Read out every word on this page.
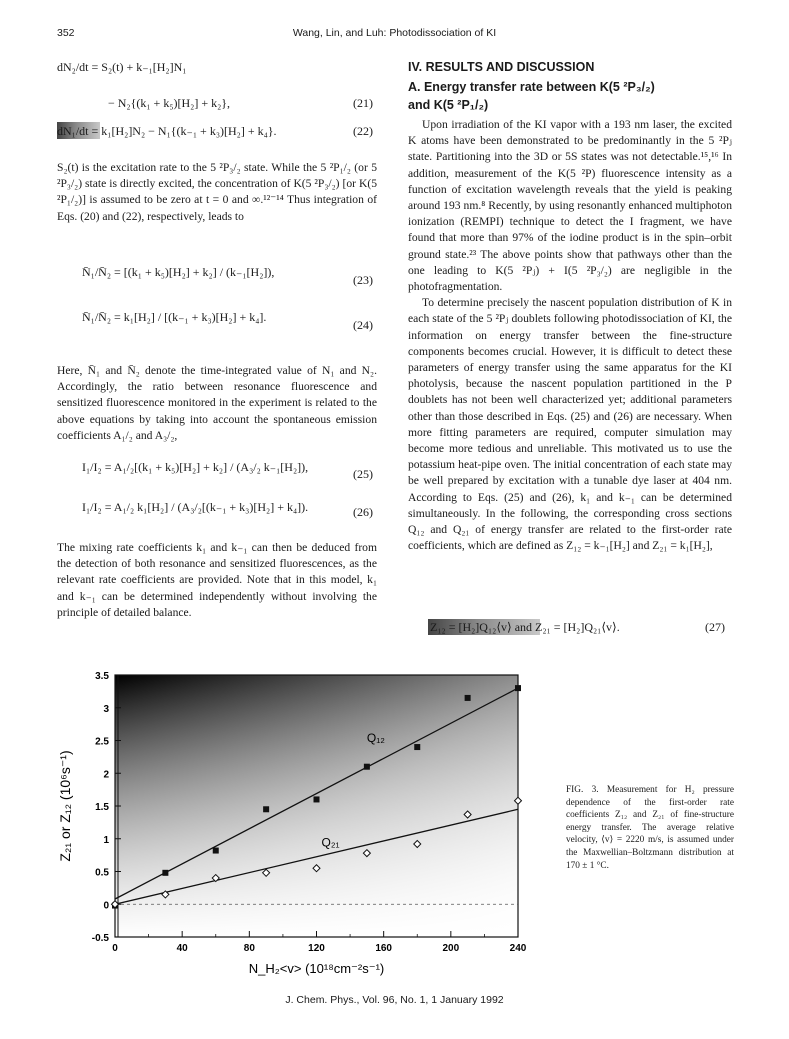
352	Wang, Lin, and Luh: Photodissociation of KI
dN₂/dt = S₂(t) + k₋₁[H₂]N₁
− N₂{(k₁ + k₅)[H₂] + k₂},	(21)
dN₁/dt = k₁[H₂]N₂ − N₁{(k₋₁ + k₃)[H₂] + k₄}.	(22)

S₂(t) is the excitation rate to the 5 ²P₃/₂ state. While the 5 ²P₁/₂ (or 5 ²P₃/₂) state is directly excited, the concentration of K(5 ²P₃/₂) [or K(5 ²P₁/₂)] is assumed to be zero at t = 0 and ∞.¹²⁻¹⁴ Thus integration of Eqs. (20) and (22), respectively, leads to

N̄₁/N̄₂ = [(k₁ + k₅)[H₂] + k₂] / (k₋₁[H₂]),
(23)
N̄₁/N̄₂ = k₁[H₂] / [(k₋₁ + k₃)[H₂] + k₄].
(24)

Here, N̄₁ and N̄₂ denote the time-integrated value of N₁ and N₂. Accordingly, the ratio between resonance fluorescence and sensitized fluorescence monitored in the experiment is related to the above equations by taking into account the spontaneous emission coefficients A₁/₂ and A₃/₂,

I₁/I₂ = A₁/₂[(k₁ + k₅)[H₂] + k₂] / (A₃/₂ k₋₁[H₂]),	(25)
I₁/I₂ = A₁/₂ k₁[H₂] / (A₃/₂[(k₋₁ + k₃)[H₂] + k₄]).	(26)

The mixing rate coefficients k₁ and k₋₁ can then be deduced from the detection of both resonance and sensitized fluorescences, as the relevant rate coefficients are provided. Note that in this model, k₁ and k₋₁ can be determined independently without involving the principle of detailed balance.

IV. RESULTS AND DISCUSSION
A. Energy transfer rate between K(5 ²P₃/₂)
and K(5 ²P₁/₂)

Upon irradiation of the KI vapor with a 193 nm laser, the excited K atoms have been demonstrated to be predominantly in the 5 ²Pⱼ state. Partitioning into the 3D or 5S states was not detectable.¹⁵,¹⁶ In addition, measurement of the K(5 ²P) fluorescence intensity as a function of excitation wavelength reveals that the yield is peaking around 193 nm.⁸ Recently, by using resonantly enhanced multiphoton ionization (REMPI) technique to detect the I fragment, we have found that more than 97% of the iodine product is in the spin–orbit ground state.²³ The above points show that pathways other than the one leading to K(5 ²Pⱼ) + I(5 ²P₃/₂) are negligible in the photofragmentation.

To determine precisely the nascent population distribution of K in each state of the 5 ²Pⱼ doublets following photodissociation of KI, the information on energy transfer between the fine-structure components becomes crucial. However, it is difficult to detect these parameters of energy transfer using the same apparatus for the KI photolysis, because the nascent population partitioned in the P doublets has not been well characterized yet; additional parameters other than those described in Eqs. (25) and (26) are necessary. When more fitting parameters are required, computer simulation may become more tedious and unreliable. This motivated us to use the potassium heat-pipe oven. The initial concentration of each state may be well prepared by excitation with a tunable dye laser at 404 nm. According to Eqs. (25) and (26), k₁ and k₋₁ can be determined simultaneously. In the following, the corresponding cross sections Q₁₂ and Q₂₁ of energy transfer are related to the first-order rate coefficients, which are defined as Z₁₂ = k₋₁[H₂] and Z₂₁ = k₁[H₂],

Z₁₂ = [H₂]Q₁₂⟨v⟩ and Z₂₁ = [H₂]Q₂₁⟨v⟩.	(27)
-0.5
0
0.5
1
1.5
2
2.5
3
3.5
0	40	80	120	160	200	240
Z₂₁ or Z₁₂ (10⁶s⁻¹)
N_H₂<v> (10¹⁸cm⁻²s⁻¹)
Q₁₂
Q₂₁
FIG. 3. Measurement for H₂ pressure dependence of the first-order rate coefficients Z₁₂ and Z₂₁ of fine-structure energy transfer. The average relative velocity, ⟨v⟩ = 2220 m/s, is assumed under the Maxwellian–Boltzmann distribution at 170 ± 1 °C.
J. Chem. Phys., Vol. 96, No. 1, 1 January 1992
